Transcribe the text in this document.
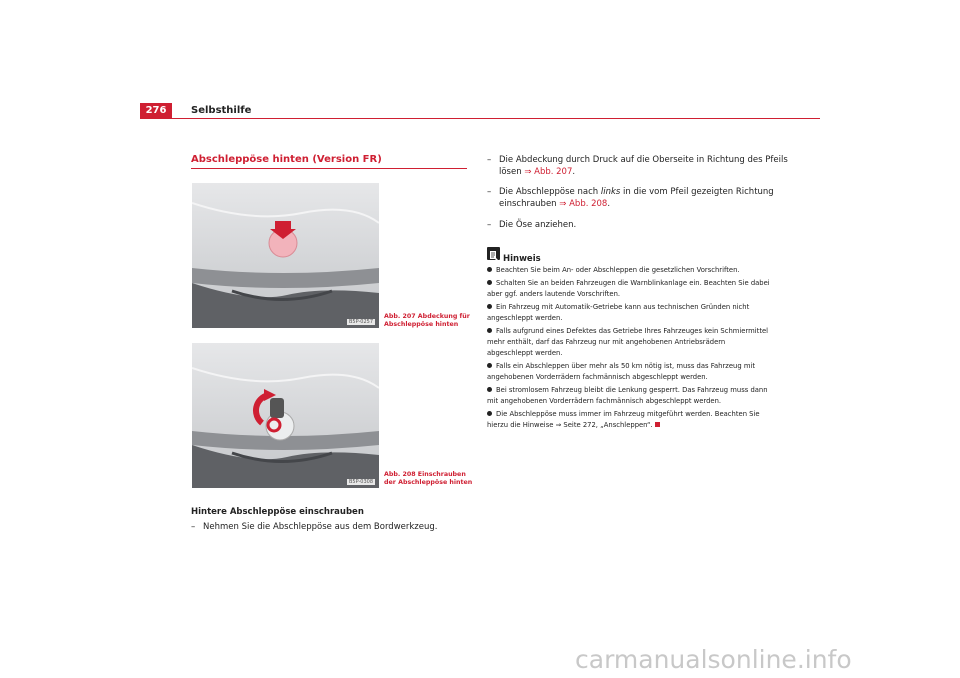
276	Selbsthilfe
Abschleppöse hinten (Version FR)
B5P-0257
Abb. 207 Abdeckung für
Abschleppöse hinten
B5P-0308
Abb. 208 Einschrauben
der Abschleppöse hinten
Hintere Abschleppöse einschrauben
– Nehmen Sie die Abschleppöse aus dem Bordwerkzeug.
– Die Abdeckung durch Druck auf die Oberseite in Richtung des Pfeils lösen ⇒ Abb. 207.
– Die Abschleppöse nach links in die vom Pfeil gezeigten Richtung einschrauben ⇒ Abb. 208.
– Die Öse anziehen.
Hinweis

Beachten Sie beim An- oder Abschleppen die gesetzlichen Vorschriften.

Schalten Sie an beiden Fahrzeugen die Warnblinkanlage ein. Beachten Sie dabei aber ggf. anders lautende Vorschriften.

Ein Fahrzeug mit Automatik-Getriebe kann aus technischen Gründen nicht angeschleppt werden.

Falls aufgrund eines Defektes das Getriebe Ihres Fahrzeuges kein Schmiermittel mehr enthält, darf das Fahrzeug nur mit angehobenen Antriebsrädern abgeschleppt werden.

Falls ein Abschleppen über mehr als 50 km nötig ist, muss das Fahrzeug mit angehobenen Vorderrädern fachmännisch abgeschleppt werden.

Bei stromlosem Fahrzeug bleibt die Lenkung gesperrt. Das Fahrzeug muss dann mit angehobenen Vorderrädern fachmännisch abgeschleppt werden.

Die Abschleppöse muss immer im Fahrzeug mitgeführt werden. Beachten Sie hierzu die Hinweise ⇒ Seite 272, „Anschleppen“.

carmanualsonline.info
